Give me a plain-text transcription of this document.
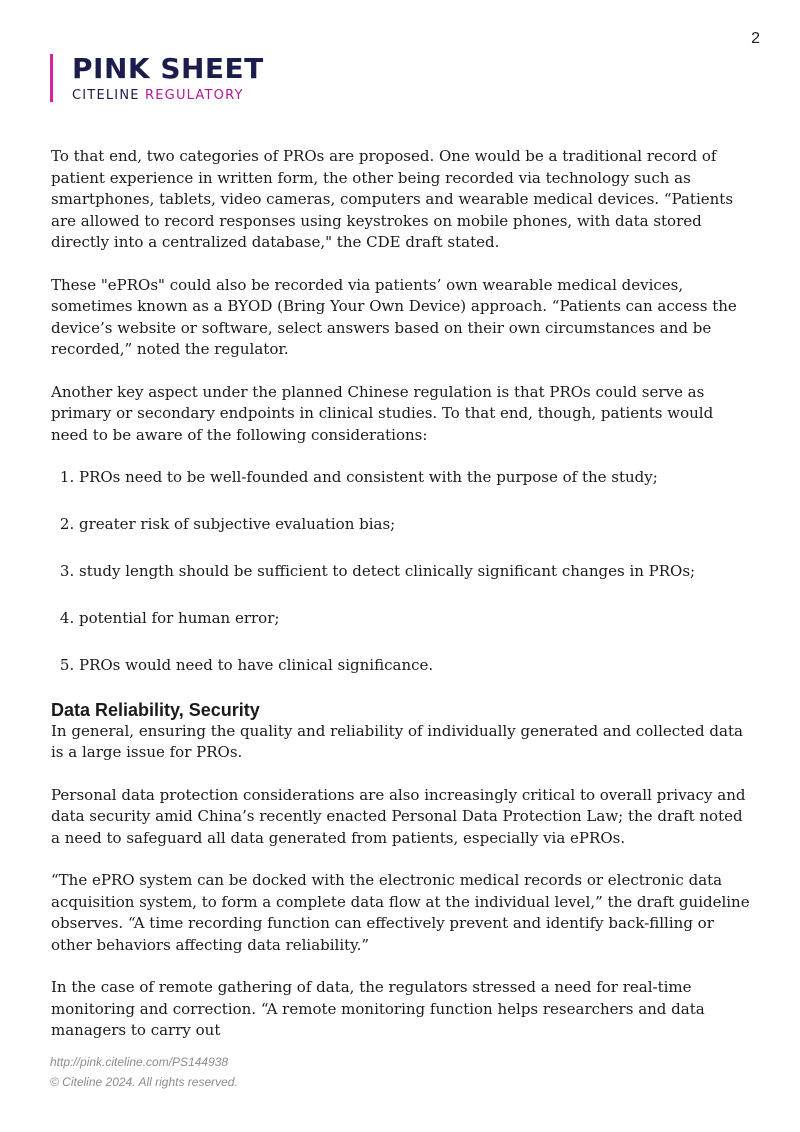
2
PINK SHEET
CITELINE REGULATORY

To that end, two categories of PROs are proposed. One would be a traditional record of patient experience in written form, the other being recorded via technology such as smartphones, tablets, video cameras, computers and wearable medical devices. “Patients are allowed to record responses using keystrokes on mobile phones, with data stored directly into a centralized database," the CDE draft stated.

These "ePROs" could also be recorded via patients’ own wearable medical devices, sometimes known as a BYOD (Bring Your Own Device) approach. “Patients can access the device’s website or software, select answers based on their own circumstances and be recorded,” noted the regulator.

Another key aspect under the planned Chinese regulation is that PROs could serve as primary or secondary endpoints in clinical studies. To that end, though, patients would need to be aware of the following considerations:

1. PROs need to be well-founded and consistent with the purpose of the study;
2. greater risk of subjective evaluation bias;
3. study length should be sufficient to detect clinically significant changes in PROs;
4. potential for human error;
5. PROs would need to have clinical significance.
Data Reliability, Security

In general, ensuring the quality and reliability of individually generated and collected data is a large issue for PROs.

Personal data protection considerations are also increasingly critical to overall privacy and data security amid China’s recently enacted Personal Data Protection Law; the draft noted a need to safeguard all data generated from patients, especially via ePROs.

“The ePRO system can be docked with the electronic medical records or electronic data acquisition system, to form a complete data flow at the individual level,” the draft guideline observes. “A time recording function can effectively prevent and identify back-filling or other behaviors affecting data reliability.”

In the case of remote gathering of data, the regulators stressed a need for real-time monitoring and correction. “A remote monitoring function helps researchers and data managers to carry out

http://pink.citeline.com/PS144938
© Citeline 2024. All rights reserved.
